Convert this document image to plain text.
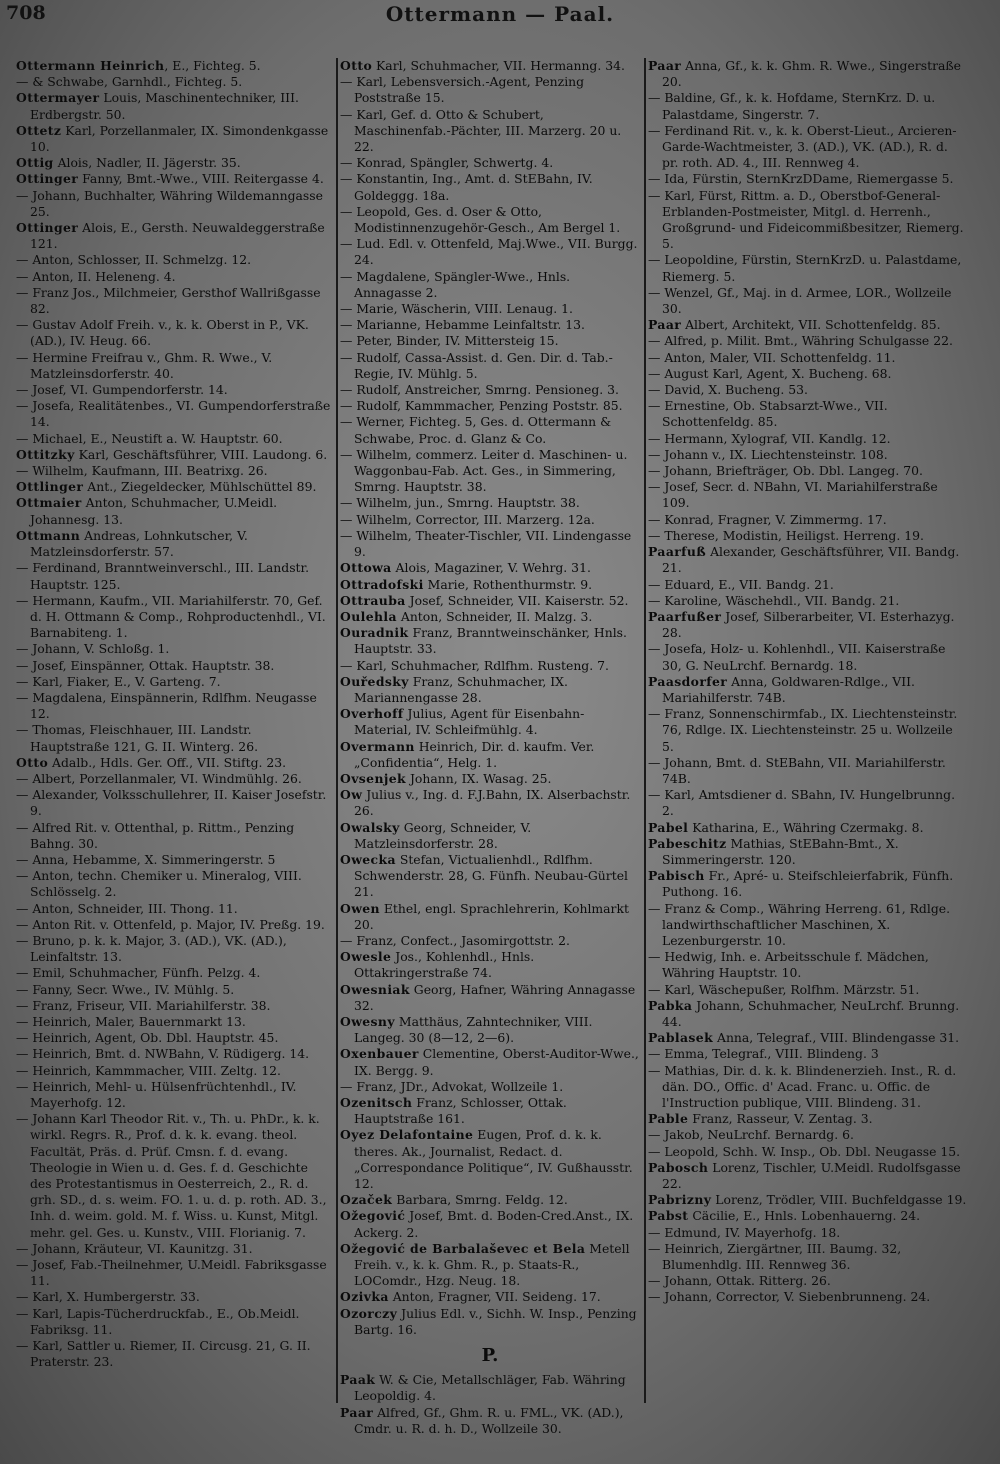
708	Ottermann — Paal.

Ottermann Heinrich, E., Fichteg. 5.

— & Schwabe, Garnhdl., Fichteg. 5.

Ottermayer Louis, Maschinentechniker, III. Erdbergstr. 50.

Ottetz Karl, Porzellanmaler, IX. Simondenkgasse 10.

Ottig Alois, Nadler, II. Jägerstr. 35.

Ottinger Fanny, Bmt.-Wwe., VIII. Reitergasse 4.

— Johann, Buchhalter, Währing Wildemanngasse 25.

Ottinger Alois, E., Gersth. Neuwaldeggerstraße 121.

— Anton, Schlosser, II. Schmelzg. 12.

— Anton, II. Heleneng. 4.

— Franz Jos., Milchmeier, Gersthof Wallrißgasse 82.

— Gustav Adolf Freih. v., k. k. Oberst in P., VK. (AD.), IV. Heug. 66.

— Hermine Freifrau v., Ghm. R. Wwe., V. Matzleinsdorferstr. 40.

— Josef, VI. Gumpendorferstr. 14.

— Josefa, Realitätenbes., VI. Gumpendorferstraße 14.

— Michael, E., Neustift a. W. Hauptstr. 60.

Ottitzky Karl, Geschäftsführer, VIII. Laudong. 6.

— Wilhelm, Kaufmann, III. Beatrixg. 26.

Ottlinger Ant., Ziegeldecker, Mühlschüttel 89.

Ottmaier Anton, Schuhmacher, U.Meidl. Johannesg. 13.

Ottmann Andreas, Lohnkutscher, V. Matzleinsdorferstr. 57.

— Ferdinand, Branntweinverschl., III. Landstr. Hauptstr. 125.

— Hermann, Kaufm., VII. Mariahilferstr. 70, Gef. d. H. Ottmann & Comp., Rohproductenhdl., VI. Barnabiteng. 1.

— Johann, V. Schloßg. 1.

— Josef, Einspänner, Ottak. Hauptstr. 38.

— Karl, Fiaker, E., V. Garteng. 7.

— Magdalena, Einspännerin, Rdlfhm. Neugasse 12.

— Thomas, Fleischhauer, III. Landstr. Hauptstraße 121, G. II. Winterg. 26.

Otto Adalb., Hdls. Ger. Off., VII. Stiftg. 23.

— Albert, Porzellanmaler, VI. Windmühlg. 26.

— Alexander, Volksschullehrer, II. Kaiser Josefstr. 9.

— Alfred Rit. v. Ottenthal, p. Rittm., Penzing Bahng. 30.

— Anna, Hebamme, X. Simmeringerstr. 5

— Anton, techn. Chemiker u. Mineralog, VIII. Schlösselg. 2.

— Anton, Schneider, III. Thong. 11.

— Anton Rit. v. Ottenfeld, p. Major, IV. Preßg. 19.

— Bruno, p. k. k. Major, 3. (AD.), VK. (AD.), Leinfaltstr. 13.

— Emil, Schuhmacher, Fünfh. Pelzg. 4.

— Fanny, Secr. Wwe., IV. Mühlg. 5.

— Franz, Friseur, VII. Mariahilferstr. 38.

— Heinrich, Maler, Bauernmarkt 13.

— Heinrich, Agent, Ob. Dbl. Hauptstr. 45.

— Heinrich, Bmt. d. NWBahn, V. Rüdigerg. 14.

— Heinrich, Kammmacher, VIII. Zeltg. 12.

— Heinrich, Mehl- u. Hülsenfrüchtenhdl., IV. Mayerhofg. 12.

— Johann Karl Theodor Rit. v., Th. u. PhDr., k. k. wirkl. Regrs. R., Prof. d. k. k. evang. theol. Facultät, Präs. d. Prüf. Cmsn. f. d. evang. Theologie in Wien u. d. Ges. f. d. Geschichte des Protestantismus in Oesterreich, 2., R. d. grh. SD., d. s. weim. FO. 1. u. d. p. roth. AD. 3., Inh. d. weim. gold. M. f. Wiss. u. Kunst, Mitgl. mehr. gel. Ges. u. Kunstv., VIII. Florianig. 7.

— Johann, Kräuteur, VI. Kaunitzg. 31.

— Josef, Fab.-Theilnehmer, U.Meidl. Fabriksgasse 11.

— Karl, X. Humbergerstr. 33.

— Karl, Lapis-Tücherdruckfab., E., Ob.Meidl. Fabriksg. 11.

— Karl, Sattler u. Riemer, II. Circusg. 21, G. II. Praterstr. 23.

Otto Karl, Schuhmacher, VII. Hermanng. 34.

— Karl, Lebensversich.-Agent, Penzing Poststraße 15.

— Karl, Gef. d. Otto & Schubert, Maschinenfab.-Pächter, III. Marzerg. 20 u. 22.

— Konrad, Spängler, Schwertg. 4.

— Konstantin, Ing., Amt. d. StEBahn, IV. Goldeggg. 18a.

— Leopold, Ges. d. Oser & Otto, Modistinnenzugehör-Gesch., Am Bergel 1.

— Lud. Edl. v. Ottenfeld, Maj.Wwe., VII. Burgg. 24.

— Magdalene, Spängler-Wwe., Hnls. Annagasse 2.

— Marie, Wäscherin, VIII. Lenaug. 1.

— Marianne, Hebamme Leinfaltstr. 13.

— Peter, Binder, IV. Mittersteig 15.

— Rudolf, Cassa-Assist. d. Gen. Dir. d. Tab.-Regie, IV. Mühlg. 5.

— Rudolf, Anstreicher, Smrng. Pensioneg. 3.

— Rudolf, Kammmacher, Penzing Poststr. 85.

— Werner, Fichteg. 5, Ges. d. Ottermann & Schwabe, Proc. d. Glanz & Co.

— Wilhelm, commerz. Leiter d. Maschinen- u. Waggonbau-Fab. Act. Ges., in Simmering, Smrng. Hauptstr. 38.

— Wilhelm, jun., Smrng. Hauptstr. 38.

— Wilhelm, Corrector, III. Marzerg. 12a.

— Wilhelm, Theater-Tischler, VII. Lindengasse 9.

Ottowa Alois, Magaziner, V. Wehrg. 31.

Ottradofski Marie, Rothenthurmstr. 9.

Ottrauba Josef, Schneider, VII. Kaiserstr. 52.

Oulehla Anton, Schneider, II. Malzg. 3.

Ouradnik Franz, Branntweinschänker, Hnls. Hauptstr. 33.

— Karl, Schuhmacher, Rdlfhm. Rusteng. 7.

Ouředsky Franz, Schuhmacher, IX. Mariannengasse 28.

Overhoff Julius, Agent für Eisenbahn-Material, IV. Schleifmühlg. 4.

Overmann Heinrich, Dir. d. kaufm. Ver. „Confidentia“, Helg. 1.

Ovsenjek Johann, IX. Wasag. 25.

Ow Julius v., Ing. d. F.J.Bahn, IX. Alserbachstr. 26.

Owalsky Georg, Schneider, V. Matzleinsdorferstr. 28.

Owecka Stefan, Victualienhdl., Rdlfhm. Schwenderstr. 28, G. Fünfh. Neubau-Gürtel 21.

Owen Ethel, engl. Sprachlehrerin, Kohlmarkt 20.

— Franz, Confect., Jasomirgottstr. 2.

Owesle Jos., Kohlenhdl., Hnls. Ottakringerstraße 74.

Owesniak Georg, Hafner, Währing Annagasse 32.

Owesny Matthäus, Zahntechniker, VIII. Langeg. 30 (8—12, 2—6).

Oxenbauer Clementine, Oberst-Auditor-Wwe., IX. Bergg. 9.

— Franz, JDr., Advokat, Wollzeile 1.

Ozenitsch Franz, Schlosser, Ottak. Hauptstraße 161.

Oyez Delafontaine Eugen, Prof. d. k. k. theres. Ak., Journalist, Redact. d. „Correspondance Politique“, IV. Gußhausstr. 12.

Ozaček Barbara, Smrng. Feldg. 12.

Ožegović Josef, Bmt. d. Boden-Cred.Anst., IX. Ackerg. 2.

Ožegović de Barbalaševec et Bela Metell Freih. v., k. k. Ghm. R., p. Staats-R., LOComdr., Hzg. Neug. 18.

Ozivka Anton, Fragner, VII. Seideng. 17.

Ozorczy Julius Edl. v., Sichh. W. Insp., Penzing Bartg. 16.

P.

Paak W. & Cie, Metallschläger, Fab. Währing Leopoldig. 4.

Paar Alfred, Gf., Ghm. R. u. FML., VK. (AD.), Cmdr. u. R. d. h. D., Wollzeile 30.

Paar Anna, Gf., k. k. Ghm. R. Wwe., Singerstraße 20.

— Baldine, Gf., k. k. Hofdame, SternKrz. D. u. Palastdame, Singerstr. 7.

— Ferdinand Rit. v., k. k. Oberst-Lieut., Arcieren-Garde-Wachtmeister, 3. (AD.), VK. (AD.), R. d. pr. roth. AD. 4., III. Rennweg 4.

— Ida, Fürstin, SternKrzDDame, Riemergasse 5.

— Karl, Fürst, Rittm. a. D., Oberstbof-General-Erblanden-Postmeister, Mitgl. d. Herrenh., Großgrund- und Fideicommißbesitzer, Riemerg. 5.

— Leopoldine, Fürstin, SternKrzD. u. Palastdame, Riemerg. 5.

— Wenzel, Gf., Maj. in d. Armee, LOR., Wollzeile 30.

Paar Albert, Architekt, VII. Schottenfeldg. 85.

— Alfred, p. Milit. Bmt., Währing Schulgasse 22.

— Anton, Maler, VII. Schottenfeldg. 11.

— August Karl, Agent, X. Bucheng. 68.

— David, X. Bucheng. 53.

— Ernestine, Ob. Stabsarzt-Wwe., VII. Schottenfeldg. 85.

— Hermann, Xylograf, VII. Kandlg. 12.

— Johann v., IX. Liechtensteinstr. 108.

— Johann, Briefträger, Ob. Dbl. Langeg. 70.

— Josef, Secr. d. NBahn, VI. Mariahilferstraße 109.

— Konrad, Fragner, V. Zimmermg. 17.

— Therese, Modistin, Heiligst. Herreng. 19.

Paarfuß Alexander, Geschäftsführer, VII. Bandg. 21.

— Eduard, E., VII. Bandg. 21.

— Karoline, Wäschehdl., VII. Bandg. 21.

Paarfußer Josef, Silberarbeiter, VI. Esterhazyg. 28.

— Josefa, Holz- u. Kohlenhdl., VII. Kaiserstraße 30, G. NeuLrchf. Bernardg. 18.

Paasdorfer Anna, Goldwaren-Rdlge., VII. Mariahilferstr. 74B.

— Franz, Sonnenschirmfab., IX. Liechtensteinstr. 76, Rdlge. IX. Liechtensteinstr. 25 u. Wollzeile 5.

— Johann, Bmt. d. StEBahn, VII. Mariahilferstr. 74B.

— Karl, Amtsdiener d. SBahn, IV. Hungelbrunng. 2.

Pabel Katharina, E., Währing Czermakg. 8.

Pabeschitz Mathias, StEBahn-Bmt., X. Simmeringerstr. 120.

Pabisch Fr., Apré- u. Steifschleierfabrik, Fünfh. Puthong. 16.

— Franz & Comp., Währing Herreng. 61, Rdlge. landwirthschaftlicher Maschinen, X. Lezenburgerstr. 10.

— Hedwig, Inh. e. Arbeitsschule f. Mädchen, Währing Hauptstr. 10.

— Karl, Wäschepußer, Rolfhm. Märzstr. 51.

Pabka Johann, Schuhmacher, NeuLrchf. Brunng. 44.

Pablasek Anna, Telegraf., VIII. Blindengasse 31.

— Emma, Telegraf., VIII. Blindeng. 3

— Mathias, Dir. d. k. k. Blindenerzieh. Inst., R. d. dän. DO., Offic. d' Acad. Franc. u. Offic. de l'Instruction publique, VIII. Blindeng. 31.

Pable Franz, Rasseur, V. Zentag. 3.

— Jakob, NeuLrchf. Bernardg. 6.

— Leopold, Schh. W. Insp., Ob. Dbl. Neugasse 15.

Pabosch Lorenz, Tischler, U.Meidl. Rudolfsgasse 22.

Pabrizny Lorenz, Trödler, VIII. Buchfeldgasse 19.

Pabst Cäcilie, E., Hnls. Lobenhauerng. 24.

— Edmund, IV. Mayerhofg. 18.

— Heinrich, Ziergärtner, III. Baumg. 32, Blumenhdlg. III. Rennweg 36.

— Johann, Ottak. Ritterg. 26.

— Johann, Corrector, V. Siebenbrunneng. 24.
